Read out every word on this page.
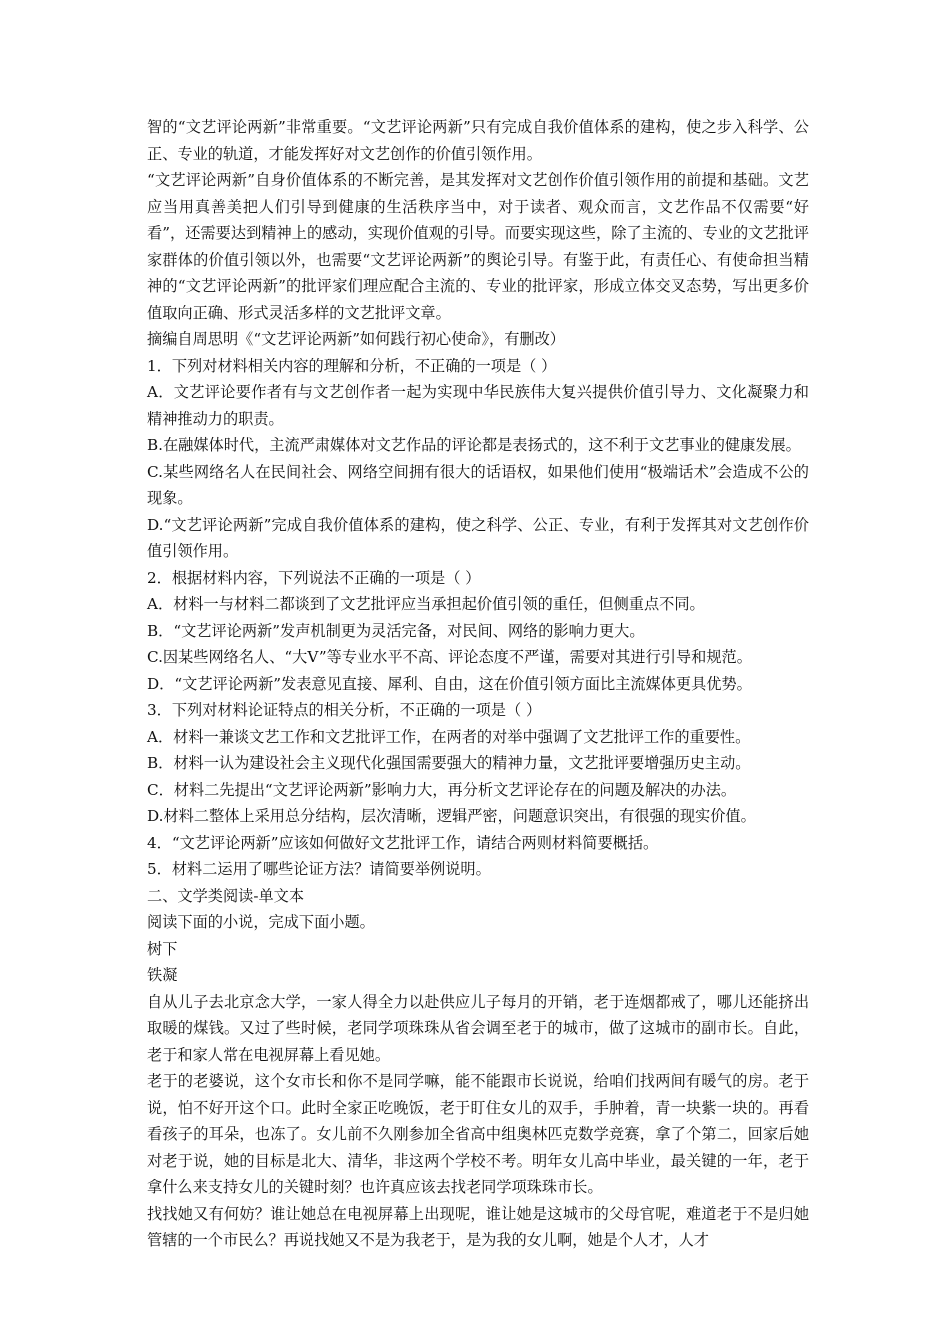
智的“文艺评论两新”非常重要。“文艺评论两新”只有完成自我价值体系的建构，使之步入科学、公正、专业的轨道，才能发挥好对文艺创作的价值引领作用。

“文艺评论两新”自身价值体系的不断完善，是其发挥对文艺创作价值引领作用的前提和基础。文艺应当用真善美把人们引导到健康的生活秩序当中，对于读者、观众而言，文艺作品不仅需要“好看”，还需要达到精神上的感动，实现价值观的引导。而要实现这些，除了主流的、专业的文艺批评家群体的价值引领以外，也需要“文艺评论两新”的舆论引导。有鉴于此，有责任心、有使命担当精神的“文艺评论两新”的批评家们理应配合主流的、专业的批评家，形成立体交叉态势，写出更多价值取向正确、形式灵活多样的文艺批评文章。

摘编自周思明《“文艺评论两新”如何践行初心使命》，有删改）

1．下列对材料相关内容的理解和分析，不正确的一项是（ ）

A．文艺评论要作者有与文艺创作者一起为实现中华民族伟大复兴提供价值引导力、文化凝聚力和精神推动力的职责。

B.在融媒体时代，主流严肃媒体对文艺作品的评论都是表扬式的，这不利于文艺事业的健康发展。

C.某些网络名人在民间社会、网络空间拥有很大的话语权，如果他们使用“极端话术”会造成不公的现象。

D.“文艺评论两新”完成自我价值体系的建构，使之科学、公正、专业，有利于发挥其对文艺创作价值引领作用。

2．根据材料内容，下列说法不正确的一项是（ ）

A．材料一与材料二都谈到了文艺批评应当承担起价值引领的重任，但侧重点不同。

B．“文艺评论两新”发声机制更为灵活完备，对民间、网络的影响力更大。

C.因某些网络名人、“大V”等专业水平不高、评论态度不严谨，需要对其进行引导和规范。

D．“文艺评论两新”发表意见直接、犀利、自由，这在价值引领方面比主流媒体更具优势。

3．下列对材料论证特点的相关分析，不正确的一项是（ ）

A．材料一兼谈文艺工作和文艺批评工作，在两者的对举中强调了文艺批评工作的重要性。

B．材料一认为建设社会主义现代化强国需要强大的精神力量，文艺批评要增强历史主动。

C．材料二先提出“文艺评论两新”影响力大，再分析文艺评论存在的问题及解决的办法。

D.材料二整体上采用总分结构，层次清晰，逻辑严密，问题意识突出，有很强的现实价值。

4．“文艺评论两新”应该如何做好文艺批评工作，请结合两则材料简要概括。

5．材料二运用了哪些论证方法？请简要举例说明。

二、文学类阅读-单文本

阅读下面的小说，完成下面小题。

树下

铁凝

自从儿子去北京念大学，一家人得全力以赴供应儿子每月的开销，老于连烟都戒了，哪儿还能挤出取暖的煤钱。又过了些时候，老同学项珠珠从省会调至老于的城市，做了这城市的副市长。自此，老于和家人常在电视屏幕上看见她。

老于的老婆说，这个女市长和你不是同学嘛，能不能跟市长说说，给咱们找两间有暖气的房。老于说，怕不好开这个口。此时全家正吃晚饭，老于盯住女儿的双手，手肿着，青一块紫一块的。再看看孩子的耳朵，也冻了。女儿前不久刚参加全省高中组奥林匹克数学竞赛，拿了个第二，回家后她对老于说，她的目标是北大、清华，非这两个学校不考。明年女儿高中毕业，最关键的一年，老于拿什么来支持女儿的关键时刻？也许真应该去找老同学项珠珠市长。

找找她又有何妨？谁让她总在电视屏幕上出现呢，谁让她是这城市的父母官呢，难道老于不是归她管辖的一个市民么？再说找她又不是为我老于，是为我的女儿啊，她是个人才，人才
